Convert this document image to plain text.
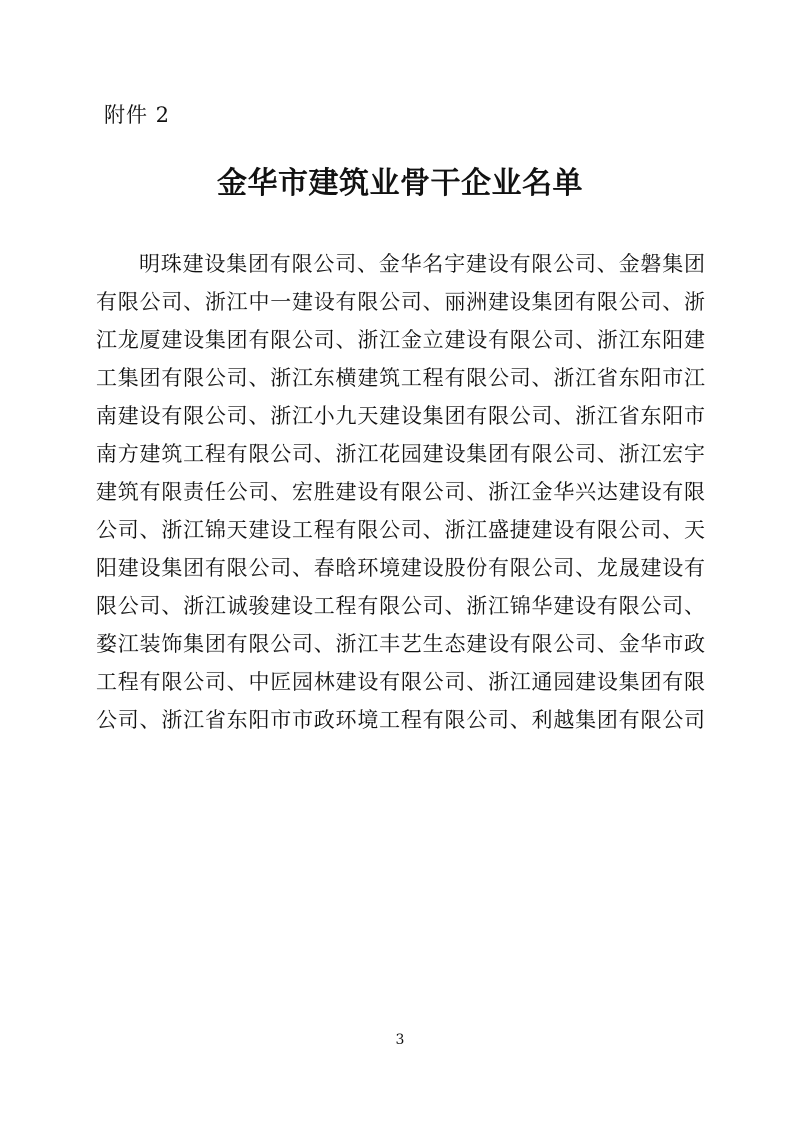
附件 2
金华市建筑业骨干企业名单
明珠建设集团有限公司、金华名宇建设有限公司、金磐集团
有限公司、浙江中一建设有限公司、丽洲建设集团有限公司、浙
江龙厦建设集团有限公司、浙江金立建设有限公司、浙江东阳建
工集团有限公司、浙江东横建筑工程有限公司、浙江省东阳市江
南建设有限公司、浙江小九天建设集团有限公司、浙江省东阳市
南方建筑工程有限公司、浙江花园建设集团有限公司、浙江宏宇
建筑有限责任公司、宏胜建设有限公司、浙江金华兴达建设有限
公司、浙江锦天建设工程有限公司、浙江盛捷建设有限公司、天
阳建设集团有限公司、春晗环境建设股份有限公司、龙晟建设有
限公司、浙江诚骏建设工程有限公司、浙江锦华建设有限公司、
婺江装饰集团有限公司、浙江丰艺生态建设有限公司、金华市政
工程有限公司、中匠园林建设有限公司、浙江通园建设集团有限
公司、浙江省东阳市市政环境工程有限公司、利越集团有限公司
3
